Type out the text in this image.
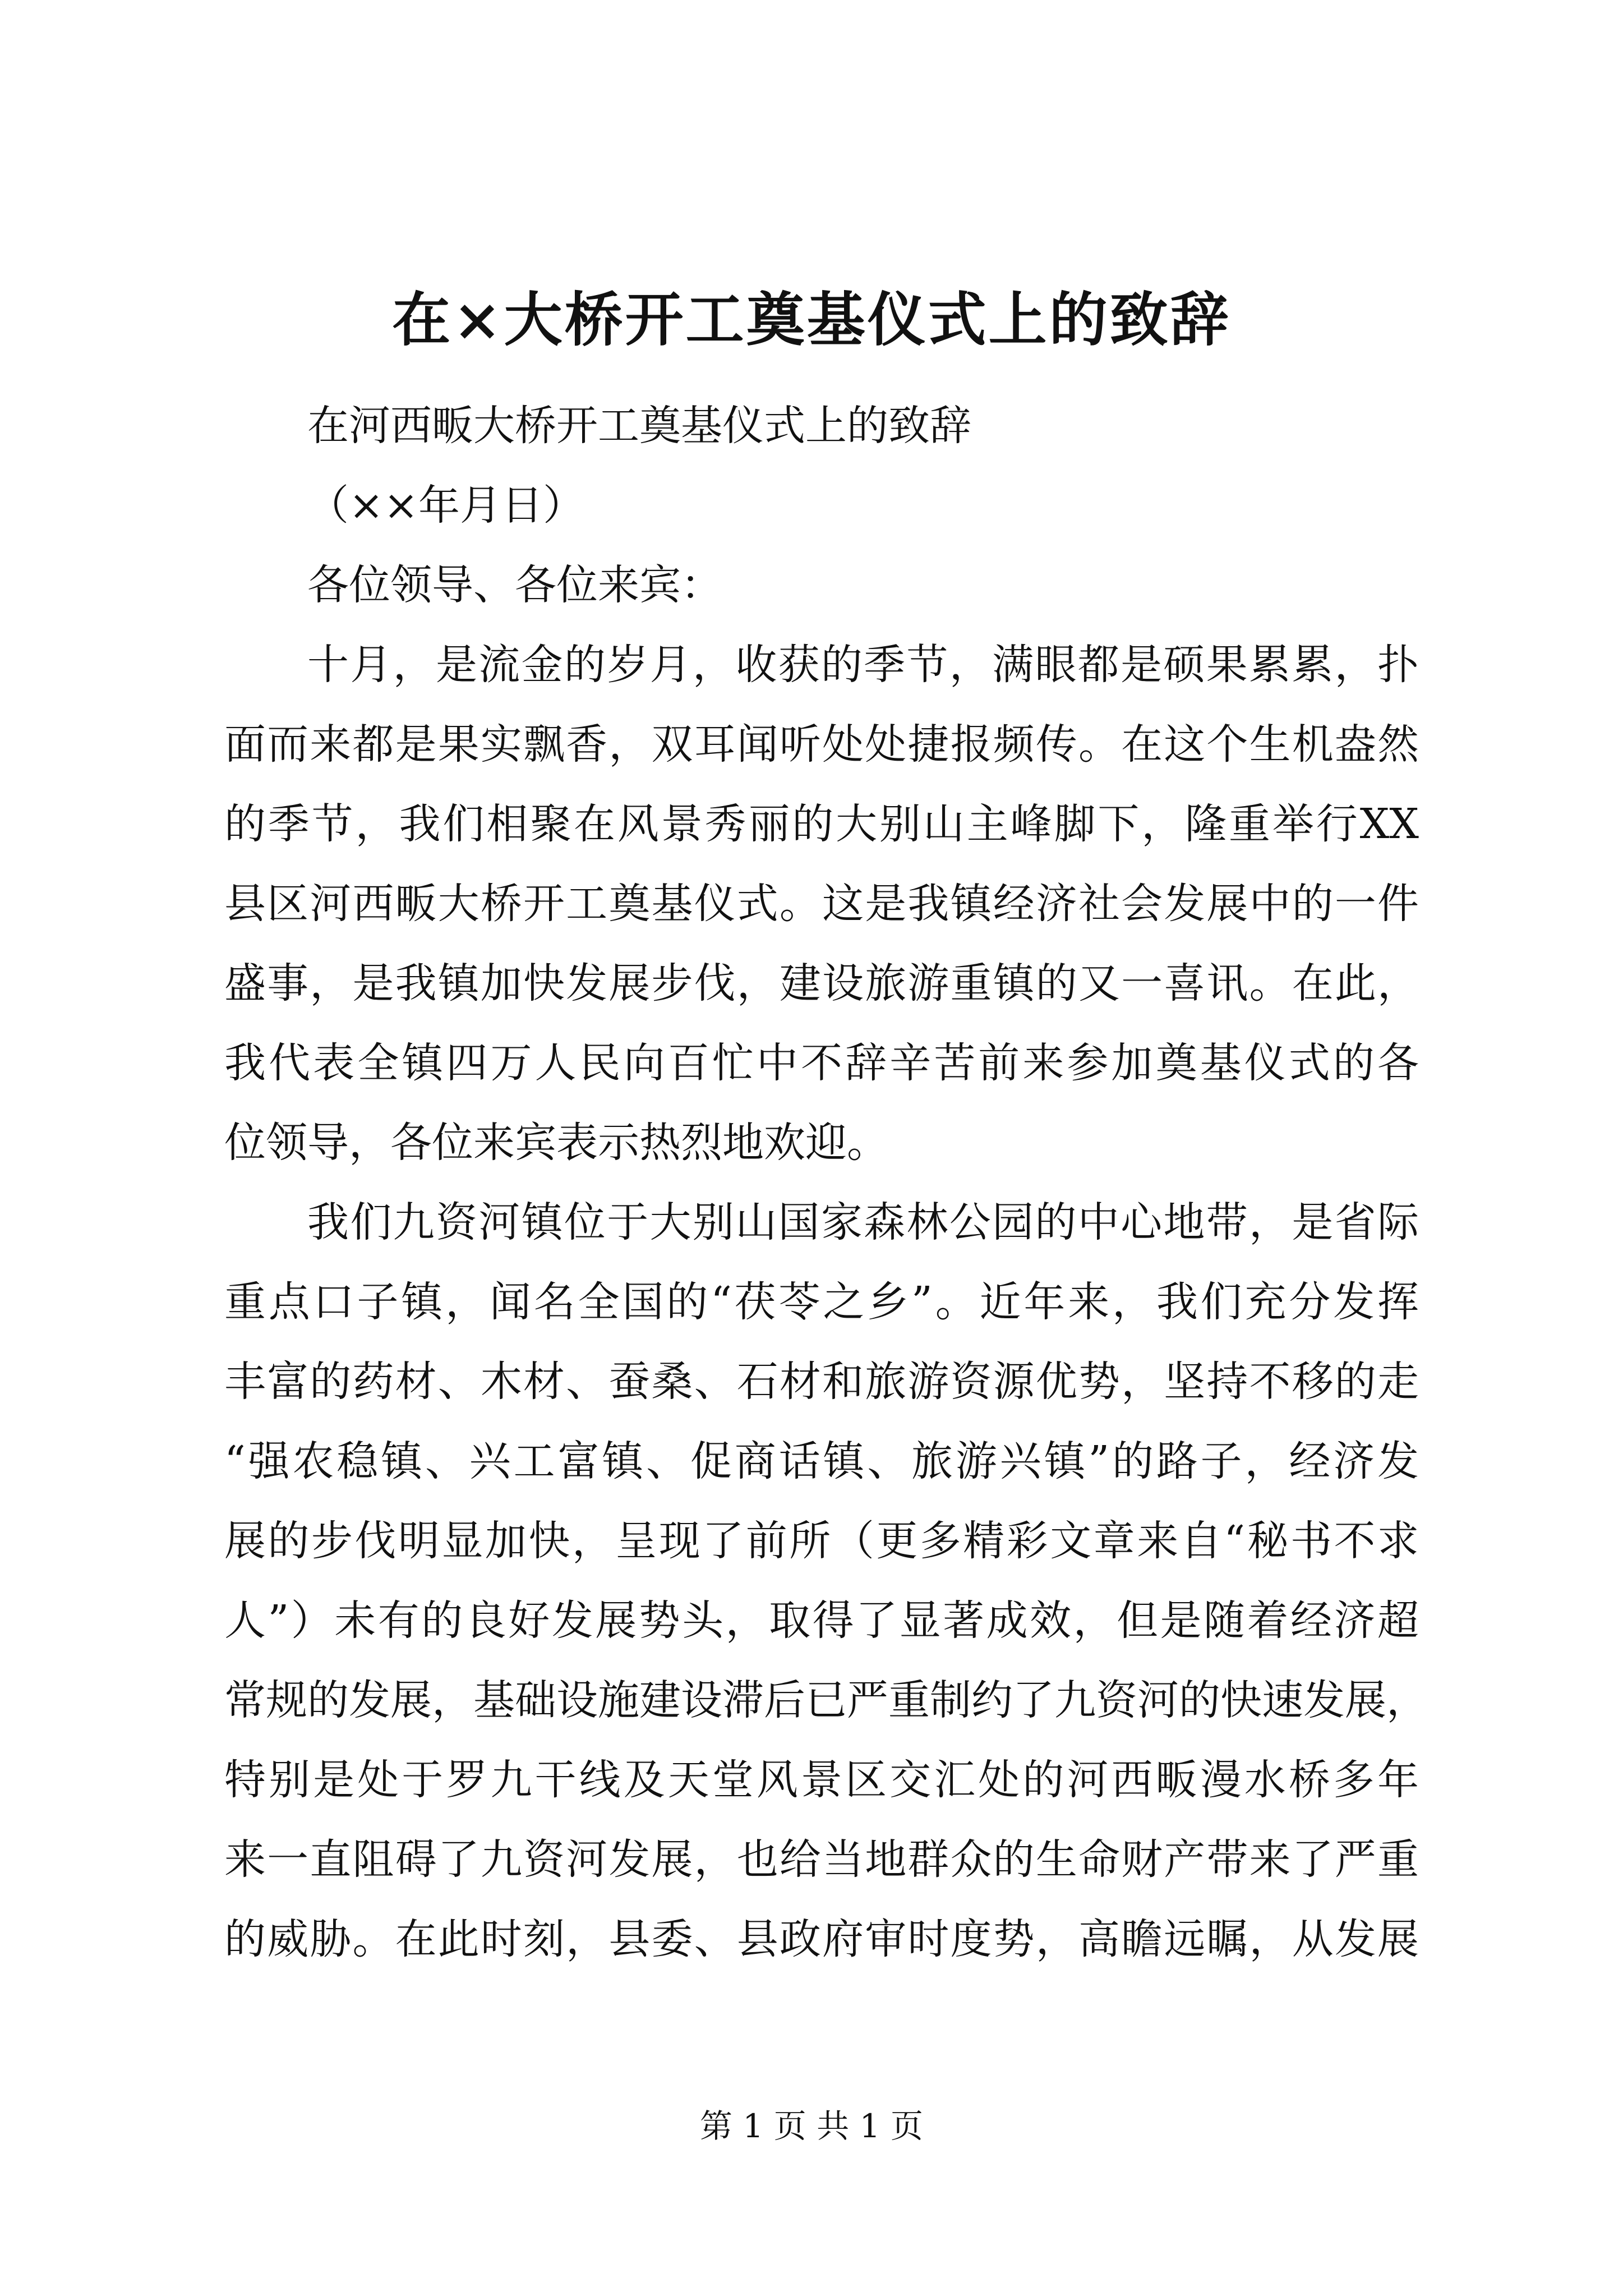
在×大桥开工奠基仪式上的致辞
在河西畈大桥开工奠基仪式上的致辞
（××年月日）
各位领导、各位来宾：
十月，是流金的岁月，收获的季节，满眼都是硕果累累，扑
面而来都是果实飘香，双耳闻听处处捷报频传。在这个生机盎然
的季节，我们相聚在风景秀丽的大别山主峰脚下，隆重举行XX
县区河西畈大桥开工奠基仪式。这是我镇经济社会发展中的一件
盛事，是我镇加快发展步伐，建设旅游重镇的又一喜讯。在此，
我代表全镇四万人民向百忙中不辞辛苦前来参加奠基仪式的各
位领导，各位来宾表示热烈地欢迎。
我们九资河镇位于大别山国家森林公园的中心地带，是省际
重点口子镇，闻名全国的“茯苓之乡”。近年来，我们充分发挥
丰富的药材、木材、蚕桑、石材和旅游资源优势，坚持不移的走
“强农稳镇、兴工富镇、促商话镇、旅游兴镇”的路子，经济发
展的步伐明显加快，呈现了前所（更多精彩文章来自“秘书不求
人”）未有的良好发展势头，取得了显著成效，但是随着经济超
常规的发展，基础设施建设滞后已严重制约了九资河的快速发展，
特别是处于罗九干线及天堂风景区交汇处的河西畈漫水桥多年
来一直阻碍了九资河发展，也给当地群众的生命财产带来了严重
的威胁。在此时刻，县委、县政府审时度势，高瞻远瞩，从发展
第 1 页 共 1 页
